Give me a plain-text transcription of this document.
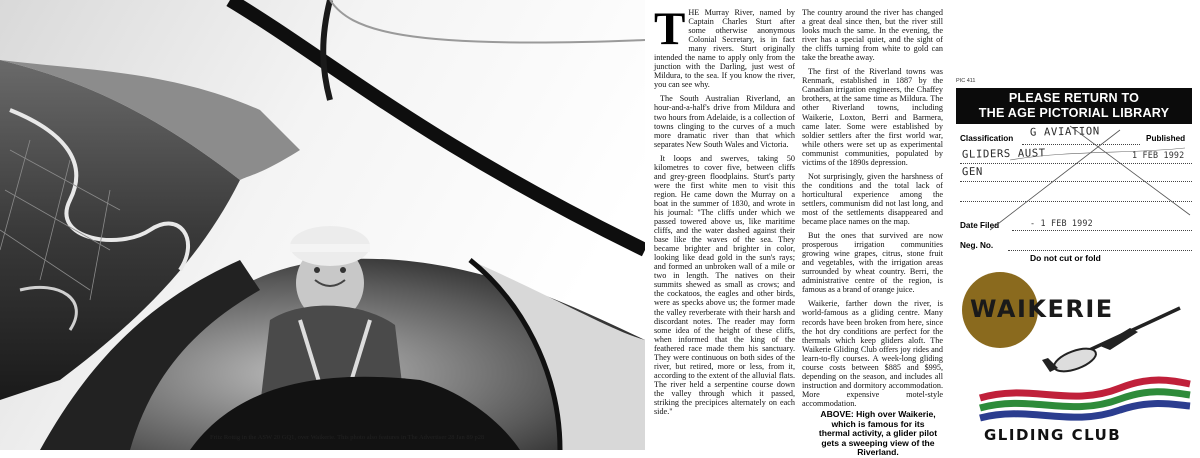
Fritz Rottig in the ASW 20 GQ1, over Waikerie. This photo also features in The Advertiser 28 Jan 89 p28

THE Murray River, named by Captain Charles Sturt after some otherwise anonymous Colonial Secretary, is in fact many rivers. Sturt originally intended the name to apply only from the junction with the Darling, just west of Mildura, to the sea. If you know the river, you can see why.

The South Australian Riverland, an hour-and-a-half's drive from Mildura and two hours from Adelaide, is a collection of towns clinging to the curves of a much more dramatic river than that which separates New South Wales and Victoria.

It loops and swerves, taking 50 kilometres to cover five, between cliffs and grey-green floodplains. Sturt's party were the first white men to visit this region. He came down the Murray on a boat in the summer of 1830, and wrote in his journal: "The cliffs under which we passed towered above us, like maritime cliffs, and the water dashed against their base like the waves of the sea. They became brighter and brighter in color, looking like dead gold in the sun's rays; and formed an unbroken wall of a mile or two in length. The natives on their summits shewed as small as crows; and the cockatoos, the eagles and other birds, were as specks above us; the former made the valley reverberate with their harsh and discordant notes. The reader may form some idea of the height of these cliffs, when informed that the king of the feathered race made them his sanctuary. They were continuous on both sides of the river, but retired, more or less, from it, according to the extent of the alluvial flats. The river held a serpentine course down the valley through which it passed, striking the precipices alternately on each side."

The country around the river has changed a great deal since then, but the river still looks much the same. In the evening, the river has a special quiet, and the sight of the cliffs turning from white to gold can take the breathe away.

The first of the Riverland towns was Renmark, established in 1887 by the Canadian irrigation engineers, the Chaffey brothers, at the same time as Mildura. The other Riverland towns, including Waikerie, Loxton, Berri and Barmera, came later. Some were established by soldier settlers after the first world war, while others were set up as experimental communist communities, populated by victims of the 1890s depression.

Not surprisingly, given the harshness of the conditions and the total lack of horticultural experience among the settlers, communism did not last long, and most of the settlements disappeared and became place names on the map.

But the ones that survived are now prosperous irrigation communities growing wine grapes, citrus, stone fruit and vegetables, with the irrigation areas surrounded by wheat country. Berri, the administrative centre of the region, is famous as a brand of orange juice.

Waikerie, farther down the river, is world-famous as a gliding centre. Many records have been broken from here, since the hot dry conditions are perfect for the thermals which keep gliders aloft. The Waikerie Gliding Club offers joy rides and learn-to-fly courses. A week-long gliding course costs between $885 and $995, depending on the season, and includes all instruction and dormitory accommodation. More expensive motel-style accommodation.

ABOVE: High over Waikerie, which is famous for its thermal activity, a glider pilot gets a sweeping view of the Riverland.
PIC 411
PLEASE RETURN TO
THE AGE PICTORIAL LIBRARY
Classification	Published
G AVIATION
GLIDERS AUST	1 FEB 1992
GEN
Date Filed	- 1 FEB 1992
Neg. No.
Do not cut or fold
WAIKERIE
GLIDING CLUB
